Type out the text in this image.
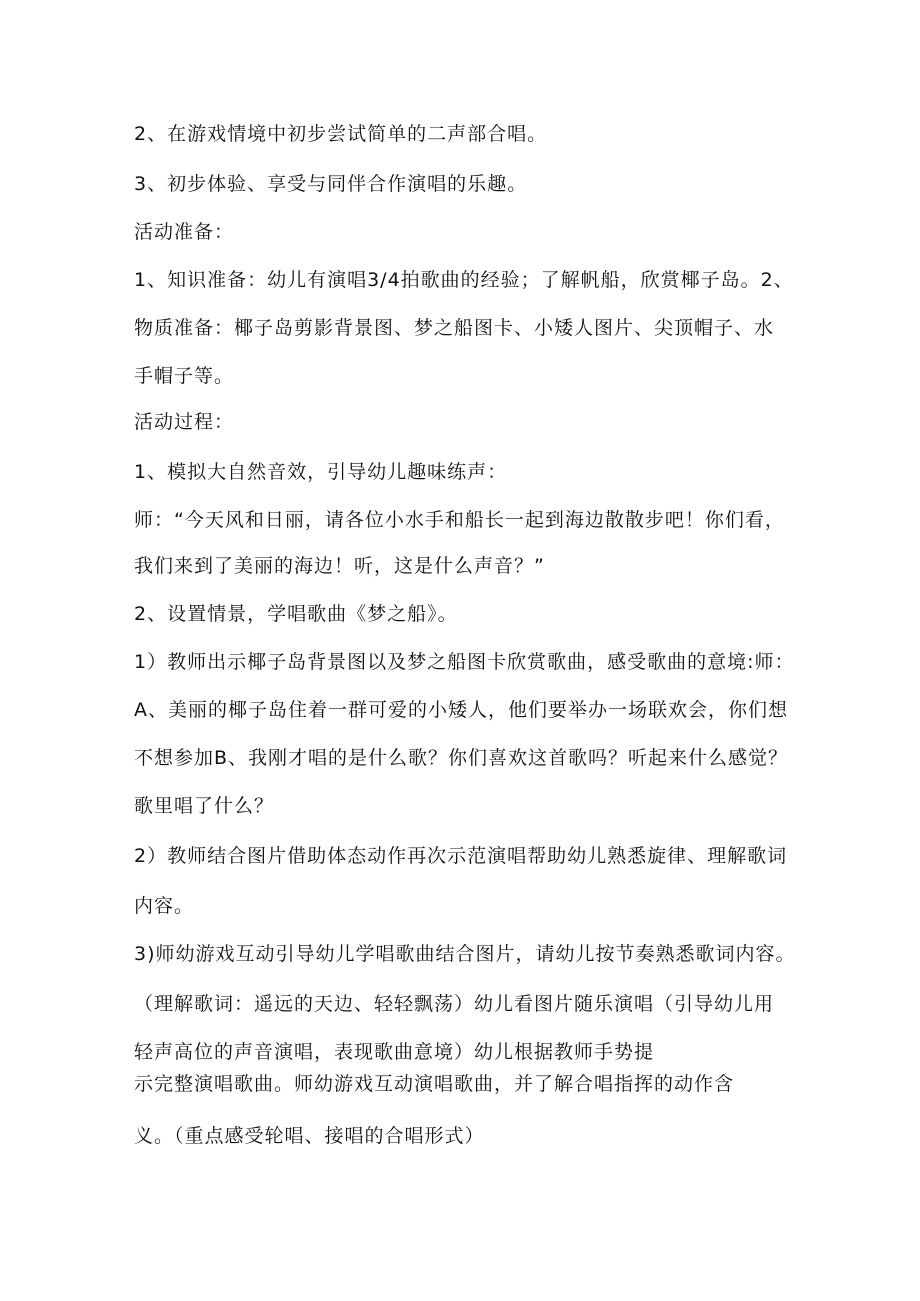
2、在游戏情境中初步尝试简单的二声部合唱。
3、初步体验、享受与同伴合作演唱的乐趣。
活动准备：
1、知识准备：幼儿有演唱3/4拍歌曲的经验；了解帆船，欣赏椰子岛。2、
物质准备：椰子岛剪影背景图、梦之船图卡、小矮人图片、尖顶帽子、水
手帽子等。
活动过程：
1、模拟大自然音效，引导幼儿趣味练声：
师：“今天风和日丽，请各位小水手和船长一起到海边散散步吧！你们看，
我们来到了美丽的海边！听，这是什么声音？”
2、设置情景，学唱歌曲《梦之船》。
1）教师出示椰子岛背景图以及梦之船图卡欣赏歌曲，感受歌曲的意境:师：
A、美丽的椰子岛住着一群可爱的小矮人，他们要举办一场联欢会，你们想
不想参加B、我刚才唱的是什么歌？你们喜欢这首歌吗？听起来什么感觉？
歌里唱了什么？
2）教师结合图片借助体态动作再次示范演唱帮助幼儿熟悉旋律、理解歌词
内容。
3)师幼游戏互动引导幼儿学唱歌曲结合图片，请幼儿按节奏熟悉歌词内容。
（理解歌词：遥远的天边、轻轻飘荡）幼儿看图片随乐演唱（引导幼儿用
轻声高位的声音演唱，表现歌曲意境）幼儿根据教师手势提
示完整演唱歌曲。师幼游戏互动演唱歌曲，并了解合唱指挥的动作含
义。（重点感受轮唱、接唱的合唱形式）
